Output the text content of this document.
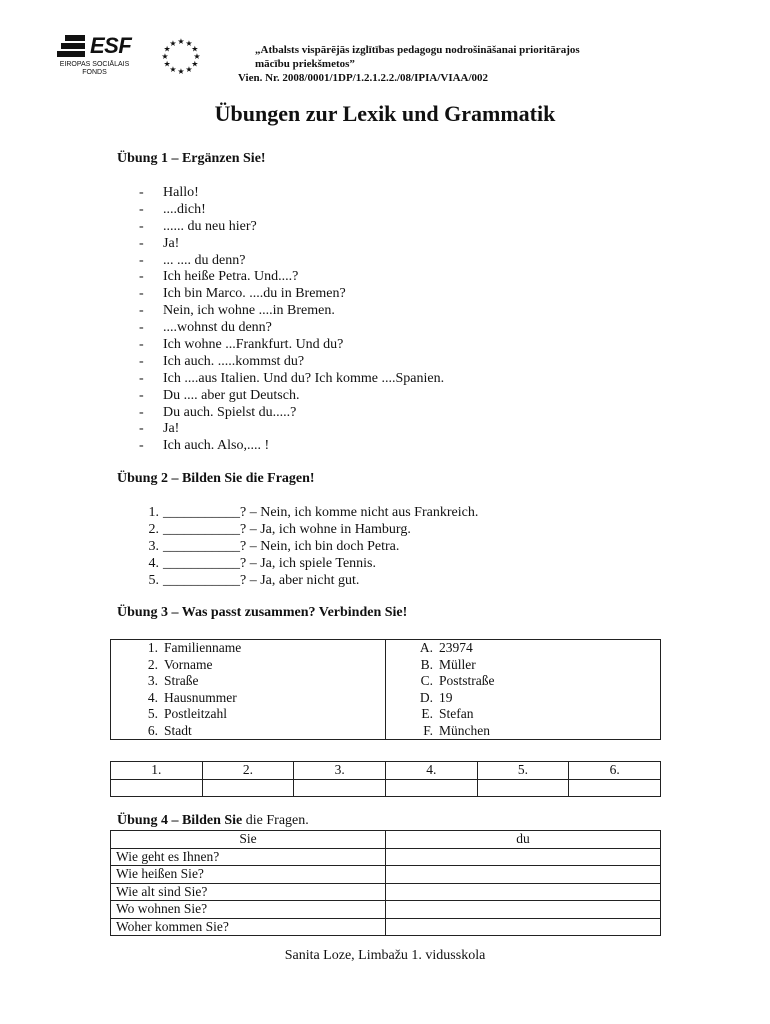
ESF
EIROPAS SOCIĀLAIS
FONDS
★
★
★
★
★
★
★
★
★ ★ ★
★	„Atbalsts vispārējās izglītības pedagogu nodrošināšanai prioritārajos
mācību priekšmetos”
Vien. Nr. 2008/0001/1DP/1.2.1.2.2./08/IPIA/VIAA/002
Übungen zur Lexik und Grammatik
Übung 1 – Ergänzen Sie!
-	Hallo!
-	....dich!
-	...... du neu hier?
-	Ja!
-	... .... du denn?
-	Ich heiße Petra. Und....?
-	Ich bin Marco. ....du in Bremen?
-	Nein, ich wohne ....in Bremen.
-	....wohnst du denn?
-	Ich wohne ...Frankfurt. Und du?
-	Ich auch. .....kommst du?
-	Ich ....aus Italien. Und du? Ich komme ....Spanien.
-	Du .... aber gut Deutsch.
-	Du auch. Spielst du.....?
-	Ja!
-	Ich auch. Also,.... !
Übung 2 – Bilden Sie die Fragen!
1. ___________? – Nein, ich komme nicht aus Frankreich.
2. ___________? – Ja, ich wohne in Hamburg.
3. ___________? – Nein, ich bin doch Petra.
4. ___________? – Ja, ich spiele Tennis.
5. ___________? – Ja, aber nicht gut.
Übung 3 – Was passt zusammen? Verbinden Sie!
1. Familienname	A. 23974

2. Vorname	B. Müller

3. Straße	C. Poststraße

4. Hausnummer	D. 19

5. Postleitzahl	E. Stefan

6. Stadt	F. München
1.	2.	3.	4.	5.	6.

Übung 4 – Bilden Sie die Fragen.
Sie	du
Wie geht es Ihnen?	
Wie heißen Sie?	
Wie alt sind Sie?	
Wo wohnen Sie?	
Woher kommen Sie?	
Sanita Loze, Limbažu 1. vidusskola
